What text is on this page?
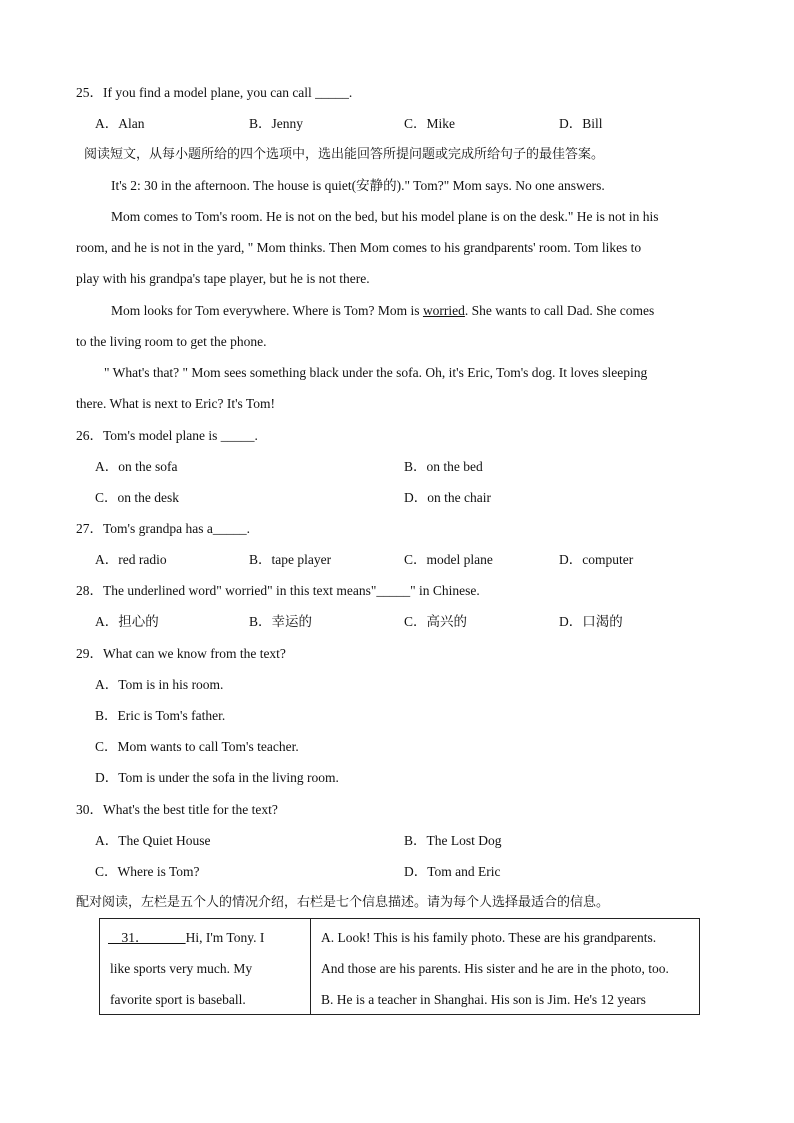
25．If you find a model plane, you can call _____.
A．Alan	B．Jenny	C．Mike	D．Bill
阅读短文，从每小题所给的四个选项中，选出能回答所提问题或完成所给句子的最佳答案。
It's 2: 30 in the afternoon. The house is quiet(安静的)." Tom?" Mom says. No one answers.
Mom comes to Tom's room. He is not on the bed, but his model plane is on the desk." He is not in his
room, and he is not in the yard, " Mom thinks. Then Mom comes to his grandparents' room. Tom likes to
play with his grandpa's tape player, but he is not there.
Mom looks for Tom everywhere. Where is Tom? Mom is worried. She wants to call Dad. She comes
to the living room to get the phone.
" What's that? " Mom sees something black under the sofa. Oh, it's Eric, Tom's dog. It loves sleeping
there. What is next to Eric? It's Tom!
26．Tom's model plane is _____.
A．on the sofa	B．on the bed
C．on the desk	D．on the chair
27．Tom's grandpa has a_____.
A．red radio	B．tape player	C．model plane	D．computer
28．The underlined word" worried" in this text means"_____" in Chinese.
A．担心的	B．幸运的	C．高兴的	D．口渴的
29．What can we know from the text?
A．Tom is in his room.
B．Eric is Tom's father.
C．Mom wants to call Tom's teacher.
D．Tom is under the sofa in the living room.
30．What's the best title for the text?
A．The Quiet House	B．The Lost Dog
C．Where is Tom?	D．Tom and Eric
配对阅读，左栏是五个人的情况介绍，右栏是七个信息描述。请为每个人选择最适合的信息。
31．	Hi, I'm Tony. I
like sports very much. My
favorite sport is baseball.

A. Look! This is his family photo. These are his grandparents.
And those are his parents. His sister and he are in the photo, too.
B. He is a teacher in Shanghai. His son is Jim. He's 12 years
